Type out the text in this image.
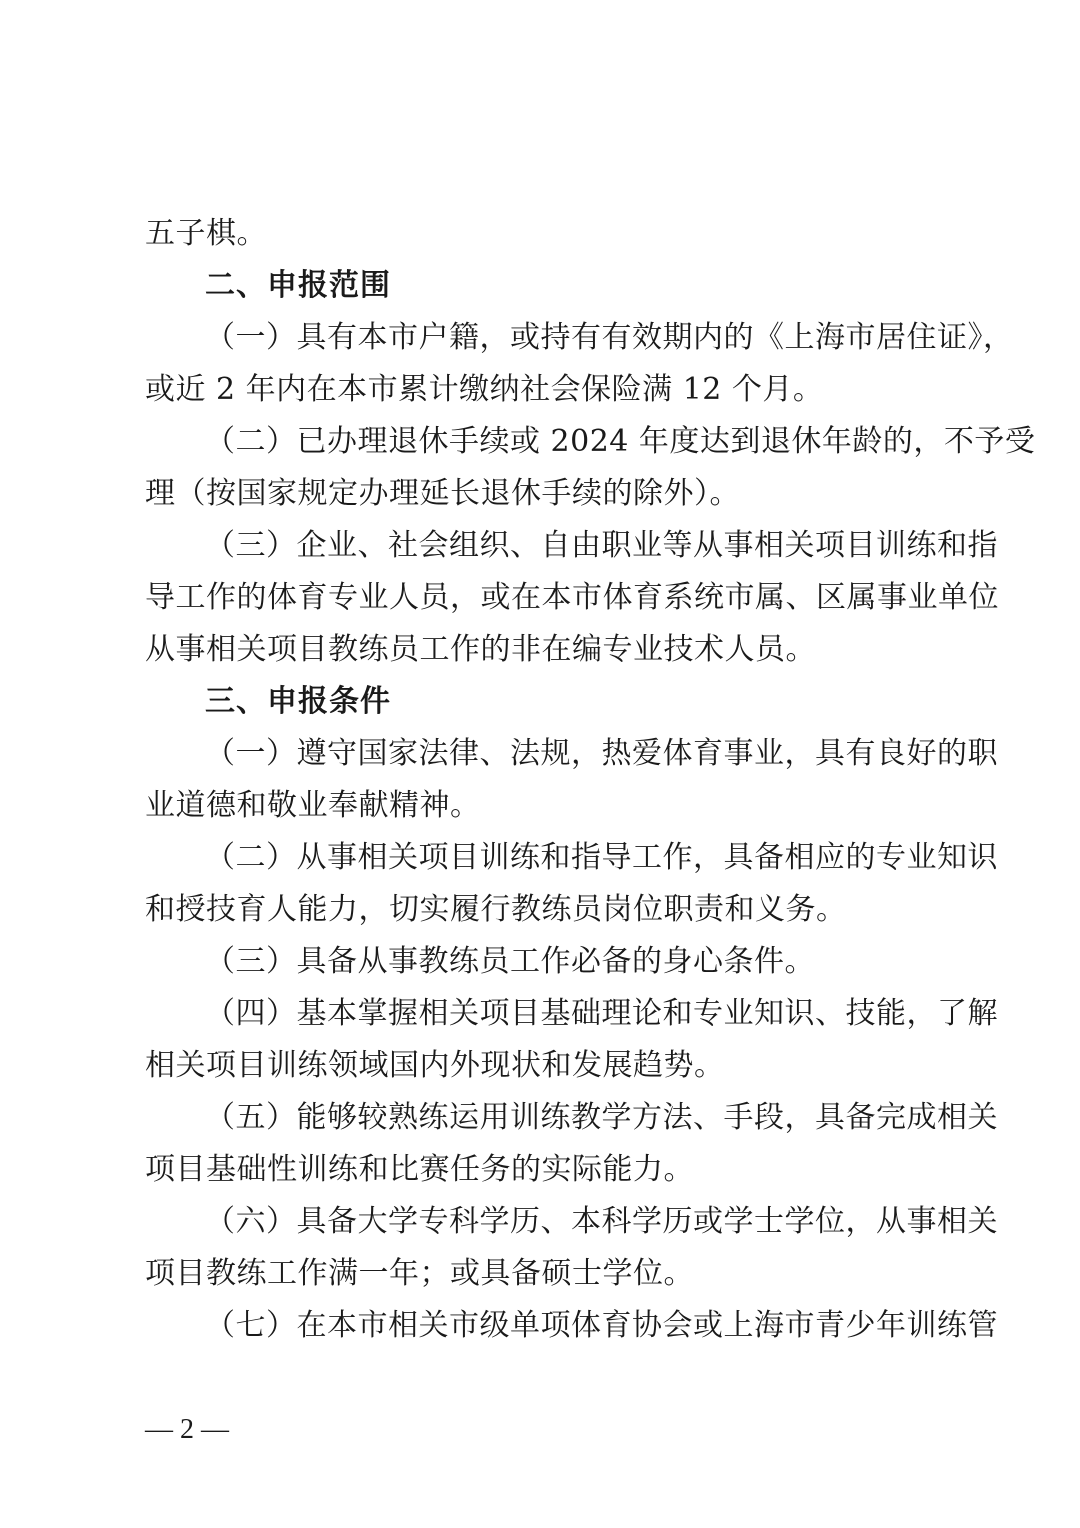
五子棋。
二、申报范围
（一）具有本市户籍，或持有有效期内的《上海市居住证》，
或近 2 年内在本市累计缴纳社会保险满 12 个月。
（二）已办理退休手续或 2024 年度达到退休年龄的，不予受
理（按国家规定办理延长退休手续的除外）。
（三）企业、社会组织、自由职业等从事相关项目训练和指
导工作的体育专业人员，或在本市体育系统市属、区属事业单位
从事相关项目教练员工作的非在编专业技术人员。
三、申报条件
（一）遵守国家法律、法规，热爱体育事业，具有良好的职
业道德和敬业奉献精神。
（二）从事相关项目训练和指导工作，具备相应的专业知识
和授技育人能力，切实履行教练员岗位职责和义务。
（三）具备从事教练员工作必备的身心条件。
（四）基本掌握相关项目基础理论和专业知识、技能，了解
相关项目训练领域国内外现状和发展趋势。
（五）能够较熟练运用训练教学方法、手段，具备完成相关
项目基础性训练和比赛任务的实际能力。
（六）具备大学专科学历、本科学历或学士学位，从事相关
项目教练工作满一年；或具备硕士学位。
（七）在本市相关市级单项体育协会或上海市青少年训练管
— 2 —
